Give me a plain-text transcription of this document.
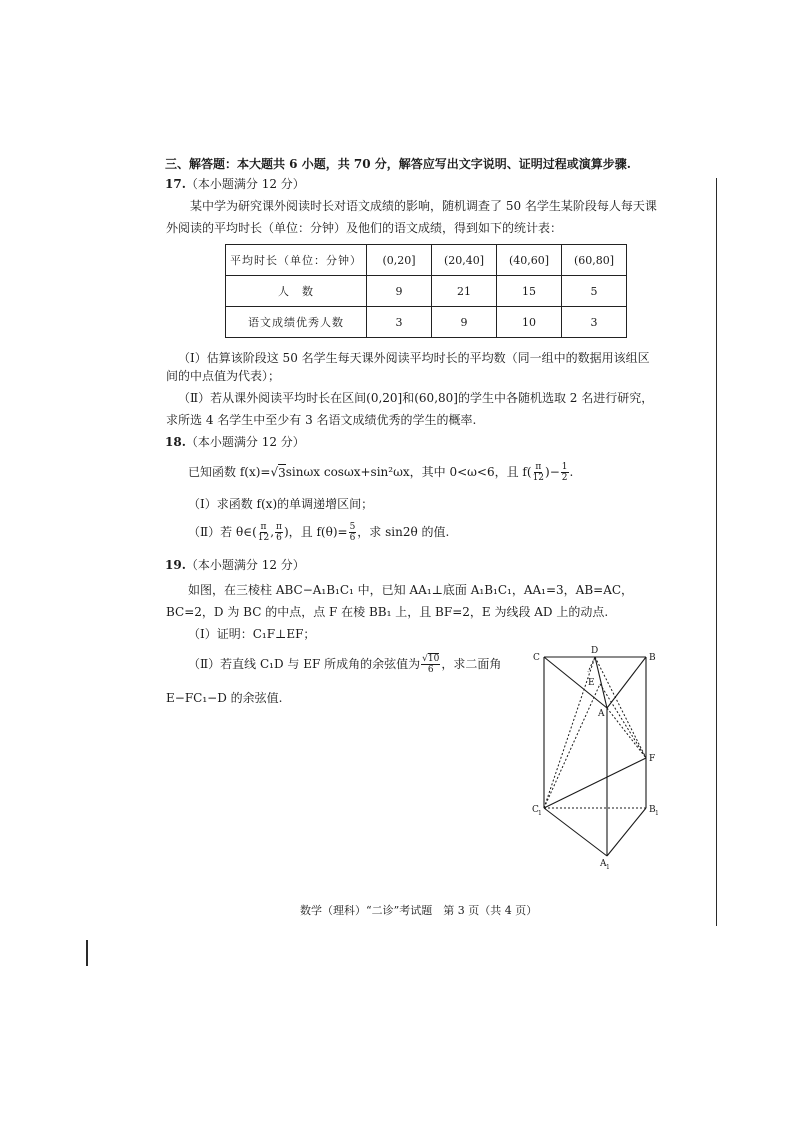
三、解答题：本大题共 6 小题，共 70 分，解答应写出文字说明、证明过程或演算步骤.
17.（本小题满分 12 分）
某中学为研究课外阅读时长对语文成绩的影响，随机调查了 50 名学生某阶段每人每天课
外阅读的平均时长（单位：分钟）及他们的语文成绩，得到如下的统计表：
平均时长（单位：分钟）	(0,20]	(20,40]	(40,60]	(60,80]
人　数	9	21	15	5
语文成绩优秀人数	3	9	10	3
（Ⅰ）估算该阶段这 50 名学生每天课外阅读平均时长的平均数（同一组中的数据用该组区
间的中点值为代表）；
（Ⅱ）若从课外阅读平均时长在区间(0,20]和(60,80]的学生中各随机选取 2 名进行研究，
求所选 4 名学生中至少有 3 名语文成绩优秀的学生的概率.
18.（本小题满分 12 分）
已知函数 f(x)= √ 3 sinωx cosωx+sin²ωx，其中 0<ω<6，且 $f( \frac{\pi}{12}$ )− $\frac{1}{2}$ .
（Ⅰ）求函数 f(x)的单调递增区间；
（Ⅱ）若 θ∈( $\frac{\pi}{12}$ , $\frac{\pi}{6}$ )，且 $f(\theta)= \frac{5}{6}$ ，求 sin2θ 的值.
19.（本小题满分 12 分）
如图，在三棱柱 ABC−A₁B₁C₁ 中，已知 AA₁⊥底面 A₁B₁C₁，AA₁=3，AB=AC，
BC=2，D 为 BC 的中点，点 F 在棱 BB₁ 上，且 BF=2，E 为线段 AD 上的动点.
（Ⅰ）证明：C₁F⊥EF；
（Ⅱ）若直线 C₁D 与 EF 所成角的余弦值为 $\frac{√10}{6}$ ，求二面角
E−FC₁−D 的余弦值.
C
D
B
E
A
F
C 1	B 1
A 1
数学（理科）“二诊”考试题　第 3 页（共 4 页）
